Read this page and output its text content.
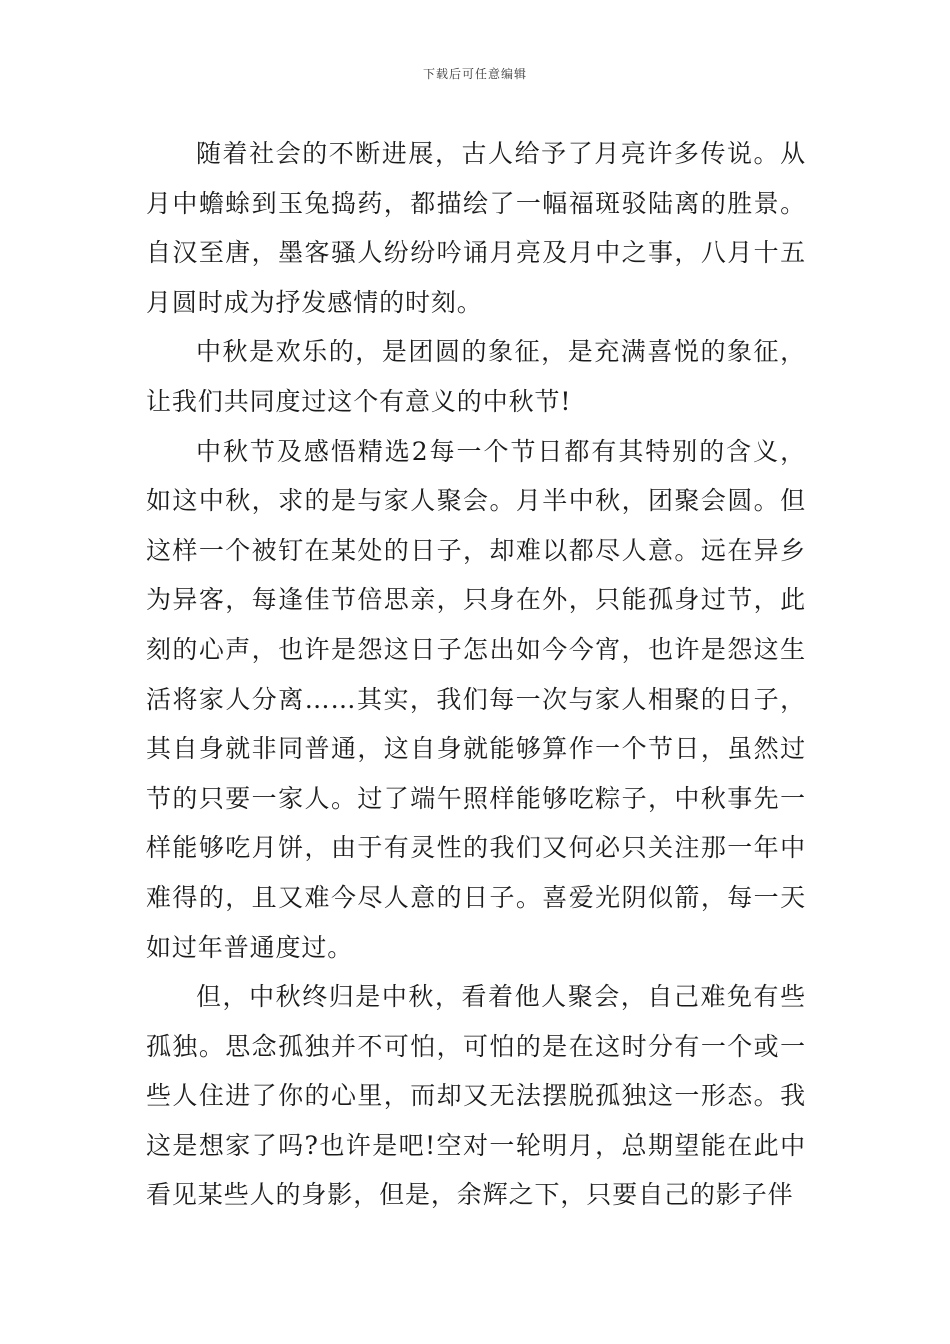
下载后可任意编辑

随着社会的不断进展，古人给予了月亮许多传说。从月中蟾蜍到玉兔捣药，都描绘了一幅福斑驳陆离的胜景。自汉至唐，墨客骚人纷纷吟诵月亮及月中之事，八月十五月圆时成为抒发感情的时刻。

中秋是欢乐的，是团圆的象征，是充满喜悦的象征，让我们共同度过这个有意义的中秋节!

中秋节及感悟精选2每一个节日都有其特别的含义，如这中秋，求的是与家人聚会。月半中秋，团聚会圆。但这样一个被钉在某处的日子，却难以都尽人意。远在异乡为异客，每逢佳节倍思亲，只身在外，只能孤身过节，此刻的心声，也许是怨这日子怎出如今今宵，也许是怨这生活将家人分离……其实，我们每一次与家人相聚的日子，其自身就非同普通，这自身就能够算作一个节日，虽然过节的只要一家人。过了端午照样能够吃粽子，中秋事先一样能够吃月饼，由于有灵性的我们又何必只关注那一年中难得的，且又难今尽人意的日子。喜爱光阴似箭，每一天如过年普通度过。

但，中秋终归是中秋，看着他人聚会，自己难免有些孤独。思念孤独并不可怕，可怕的是在这时分有一个或一些人住进了你的心里，而却又无法摆脱孤独这一形态。我这是想家了吗?也许是吧!空对一轮明月，总期望能在此中看见某些人的身影，但是，余辉之下，只要自己的影子伴
